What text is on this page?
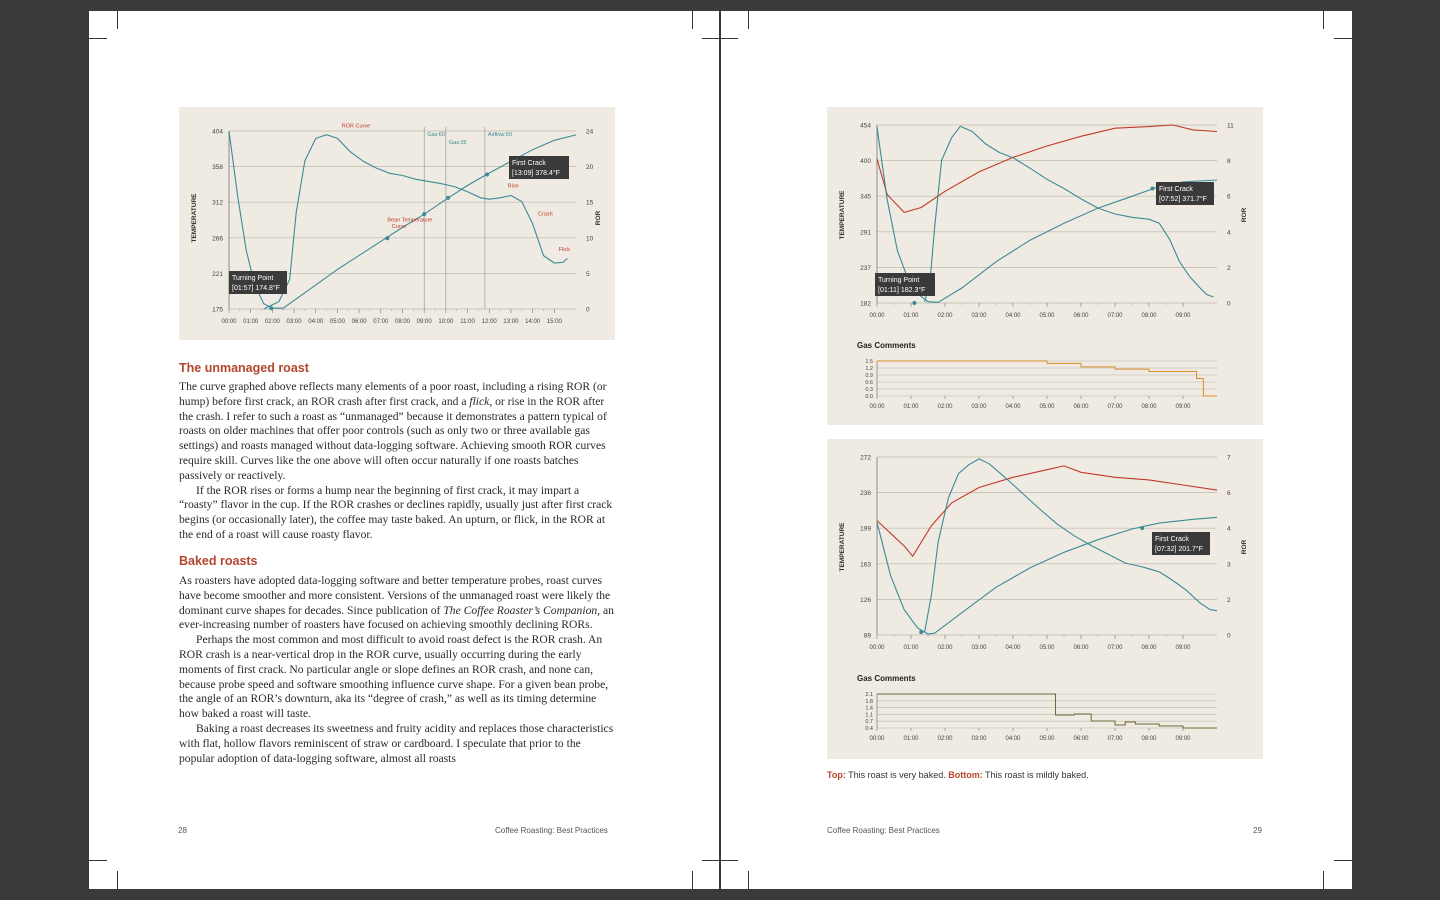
Gas:60
Gas:35
Airflow:50
404
358
312
266
221
175
24
20
15
10
5
0
00:00 01:00 02:00 03:00 04:00 05:00 06:00 07:00 08:00 09:00 10:00 11:00 12:00 13:00 14:00 15:00
ROR Curve
Bean Temperature
Curve
Rise
Crash
Flick
Turning Point
[01:57] 174.8°F
First Crack
[13:09] 378.4°F
TEMPERATURE	ROR
The unmanaged roast

The curve graphed above reflects many elements of a poor roast, including a rising ROR (or hump) before first crack, an ROR crash after first crack, and a flick, or rise in the ROR after the crash. I refer to such a roast as “unmanaged” because it demonstrates a pattern typical of roasts on older machines that offer poor controls (such as only two or three available gas settings) and roasts managed without data-logging software. Achieving smooth ROR curves require skill. Curves like the one above will often occur naturally if one roasts batches passively or reactively.

If the ROR rises or forms a hump near the beginning of first crack, it may impart a “roasty” flavor in the cup. If the ROR crashes or declines rapidly, usually just after first crack begins (or occasionally later), the coffee may taste baked. An upturn, or flick, in the ROR at the end of a roast will cause roasty flavor.

Baked roasts

As roasters have adopted data-logging software and better temperature probes, roast curves have become smoother and more consistent. Versions of the unmanaged roast were likely the dominant curve shapes for decades. Since publication of The Coffee Roaster’s Companion, an ever-increasing number of roasters have focused on achieving smoothly declining RORs.

Perhaps the most common and most difficult to avoid roast defect is the ROR crash. An ROR crash is a near-vertical drop in the ROR curve, usually occurring during the early moments of first crack. No particular angle or slope defines an ROR crash, and none can, because probe speed and software smoothing influence curve shape. For a given bean probe, the angle of an ROR’s downturn, aka its “degree of crash,” as well as its timing determine how baked a roast will taste.

Baking a roast decreases its sweetness and fruity acidity and replaces those characteristics with flat, hollow flavors reminiscent of straw or cardboard. I speculate that prior to the popular adoption of data-logging software, almost all roasts

28	Coffee Roasting: Best Practices
454
400
345
291
237
182
11
8
6
4
2
0
00:00	01:00	02:00	03:00	04:00	05:00	06:00	07:00	08:00	09:00
Turning Point
[01:11] 182.3°F
First Crack
[07:52] 371.7°F
TEMPERATURE	ROR
Gas Comments
1.5
1.2
0.9
0.6
0.3
0.0
00:00	01:00	02:00	03:00	04:00	05:00	06:00	07:00	08:00	09:00
272
236
199
163
126
89
7
6
4
3
2
0
00:00	01:00	02:00	03:00	04:00	05:00	06:00	07:00	08:00	09:00
First Crack
[07:32] 201.7°F
TEMPERATURE	ROR
Gas Comments
2.1
1.8
1.4
1.1
0.7
0.4
00:00	01:00	02:00	03:00	04:00	05:00	06:00	07:00	08:00	09:00
Top: This roast is very baked. Bottom: This roast is mildly baked.
Coffee Roasting: Best Practices	29
